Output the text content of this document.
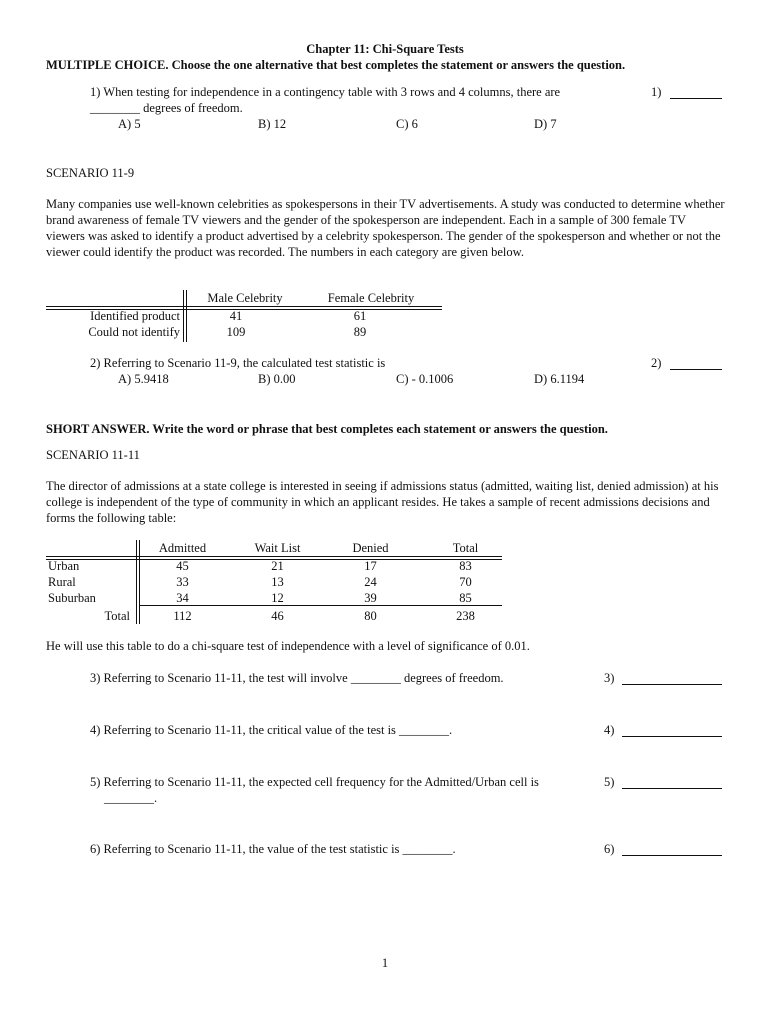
Chapter 11: Chi-Square Tests
MULTIPLE CHOICE. Choose the one alternative that best completes the statement or answers the question.
1) When testing for independence in a contingency table with 3 rows and 4 columns, there are
________ degrees of freedom.
1)
A) 5	B) 12	C) 6	D) 7
SCENARIO 11-9
Many companies use well-known celebrities as spokespersons in their TV advertisements. A study was conducted to determine whether brand awareness of female TV viewers and the gender of the spokesperson are independent. Each in a sample of 300 female TV viewers was asked to identify a product advertised by a celebrity spokesperson. The gender of the spokesperson and whether or not the viewer could identify the product was recorded. The numbers in each category are given below.
Male Celebrity	Female Celebrity
Identified product	41	61
Could not identify	109	89
2) Referring to Scenario 11-9, the calculated test statistic is	2)
A) 5.9418	B) 0.00	C) - 0.1006	D) 6.1194
SHORT ANSWER. Write the word or phrase that best completes each statement or answers the question.
SCENARIO 11-11
The director of admissions at a state college is interested in seeing if admissions status (admitted, waiting list, denied admission) at his college is independent of the type of community in which an applicant resides. He takes a sample of recent admissions decisions and forms the following table:
Admitted	Wait List	Denied	Total
Urban	45	21	17	83
Rural	33	13	24	70
Suburban	34	12	39	85
Total	112	46	80	238
He will use this table to do a chi-square test of independence with a level of significance of 0.01.
3) Referring to Scenario 11-11, the test will involve ________ degrees of freedom.	3)
4) Referring to Scenario 11-11, the critical value of the test is ________.	4)
5) Referring to Scenario 11-11, the expected cell frequency for the Admitted/Urban cell is
________.
5)
6) Referring to Scenario 11-11, the value of the test statistic is ________.	6)
1
